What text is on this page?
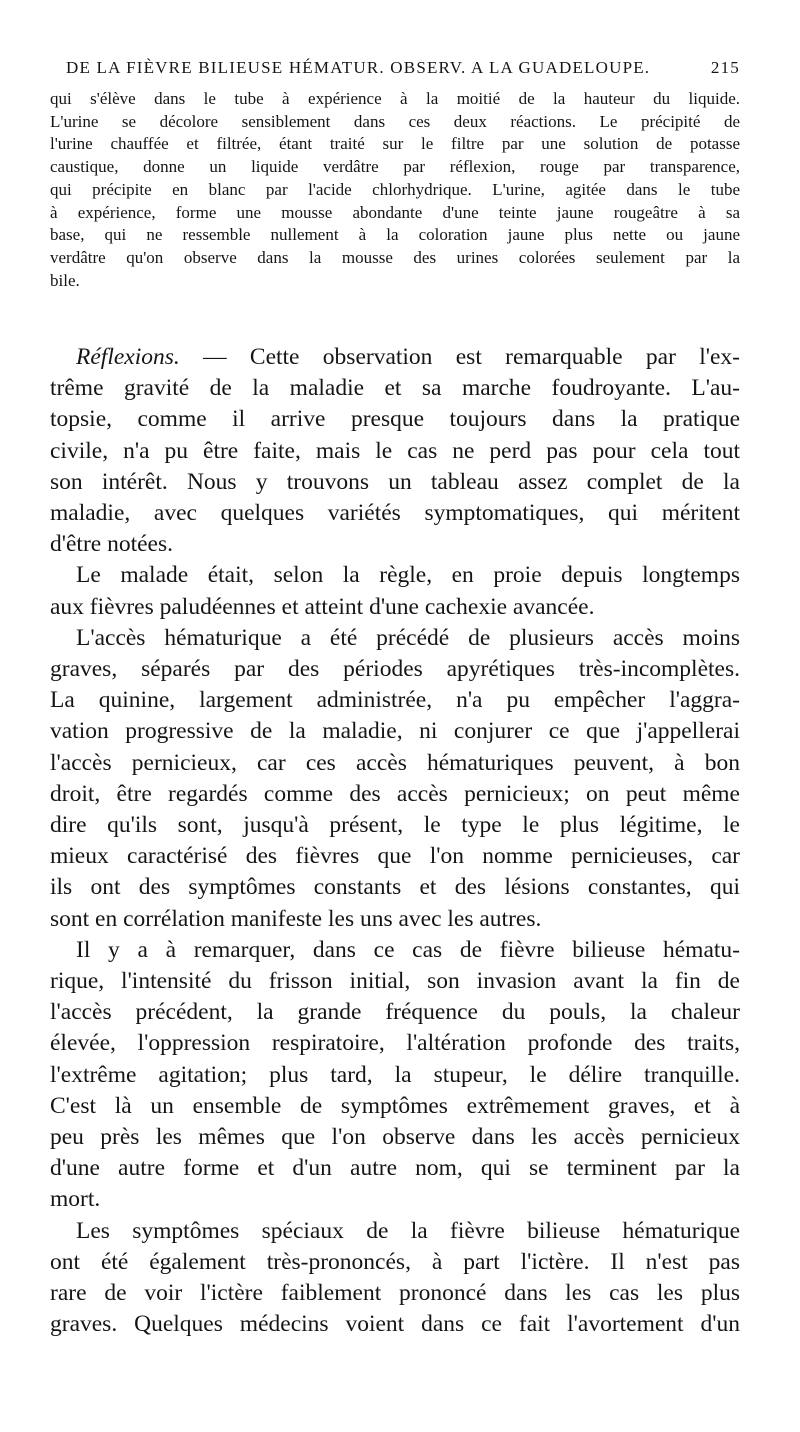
DE LA FIÈVRE BILIEUSE HÉMATUR. OBSERV. A LA GUADELOUPE.	215
qui s'élève dans le tube à expérience à la moitié de la hauteur du liquide.
L'urine se décolore sensiblement dans ces deux réactions. Le précipité de
l'urine chauffée et filtrée, étant traité sur le filtre par une solution de potasse
caustique, donne un liquide verdâtre par réflexion, rouge par transparence,
qui précipite en blanc par l'acide chlorhydrique. L'urine, agitée dans le tube
à expérience, forme une mousse abondante d'une teinte jaune rougeâtre à sa
base, qui ne ressemble nullement à la coloration jaune plus nette ou jaune
verdâtre qu'on observe dans la mousse des urines colorées seulement par la
bile.
Réflexions. — Cette observation est remarquable par l'ex-
trême gravité de la maladie et sa marche foudroyante. L'au-
topsie, comme il arrive presque toujours dans la pratique
civile, n'a pu être faite, mais le cas ne perd pas pour cela tout
son intérêt. Nous y trouvons un tableau assez complet de la
maladie, avec quelques variétés symptomatiques, qui méritent
d'être notées.
Le malade était, selon la règle, en proie depuis longtemps
aux fièvres paludéennes et atteint d'une cachexie avancée.
L'accès hématurique a été précédé de plusieurs accès moins
graves, séparés par des périodes apyrétiques très-incomplètes.
La quinine, largement administrée, n'a pu empêcher l'aggra-
vation progressive de la maladie, ni conjurer ce que j'appellerai
l'accès pernicieux, car ces accès hématuriques peuvent, à bon
droit, être regardés comme des accès pernicieux; on peut même
dire qu'ils sont, jusqu'à présent, le type le plus légitime, le
mieux caractérisé des fièvres que l'on nomme pernicieuses, car
ils ont des symptômes constants et des lésions constantes, qui
sont en corrélation manifeste les uns avec les autres.
Il y a à remarquer, dans ce cas de fièvre bilieuse hématu-
rique, l'intensité du frisson initial, son invasion avant la fin de
l'accès précédent, la grande fréquence du pouls, la chaleur
élevée, l'oppression respiratoire, l'altération profonde des traits,
l'extrême agitation; plus tard, la stupeur, le délire tranquille.
C'est là un ensemble de symptômes extrêmement graves, et à
peu près les mêmes que l'on observe dans les accès pernicieux
d'une autre forme et d'un autre nom, qui se terminent par la
mort.
Les symptômes spéciaux de la fièvre bilieuse hématurique
ont été également très-prononcés, à part l'ictère. Il n'est pas
rare de voir l'ictère faiblement prononcé dans les cas les plus
graves. Quelques médecins voient dans ce fait l'avortement d'un
